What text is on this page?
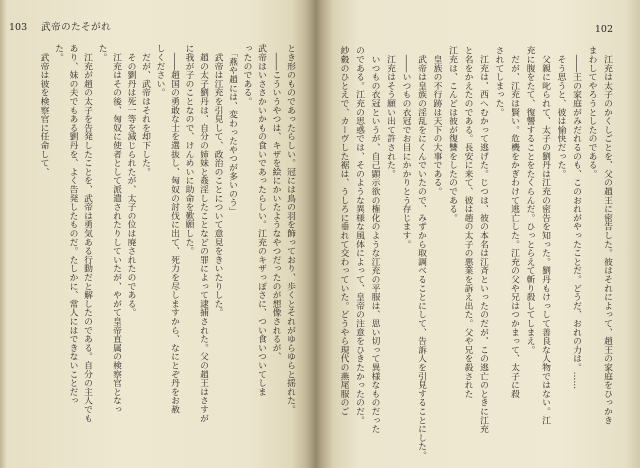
103 武帝のたそがれ
とき形のものであったらしい。冠には鳥の羽を飾っており、歩くとそれがゆらゆらと揺れた。
　――こういうやつは、キザを絵にかいたようなやつだったのが想像されるが、
武帝はいささかいかもの食いであったらしい。江充のキザっぽさに、つい食いついてしま
ったのである。
　「燕や趙には、変わったやつが多いのう」
　武帝は江充を引見して、政治のことについて意見をきいたりした。
　趙の太子劉丹は、自分の姉妹と姦淫したことなどの罪によって逮捕された。父の趙王はさすが
に我が子のことなので、けんめいに助命を歎願した。
　――趙国の勇敢な士を選抜し、匈奴の討伐に出て、死力を尽しますから、なにとぞ丹をお赦
しください。
　だが、武帝はそれを却下した。
　その劉丹は死一等を減じられたが、太子の位は廃されたのである。
　江充はその後、匈奴に使者として派遣されたりしていたが、やがて皇帝直属の検察官となっ
た。
　江充が趙の太子を告発したことを、武帝は勇気ある行動だと解したのである。自分の主人でも
あり、妹の夫でもある劉丹を、よく告発したものだ。たしかに、常人にはできないことだっ
た。
　武帝は彼を検察官に任命して、
102
　江充は太子のかくしごとを、父の趙王に密告した。彼はそれによって、趙王の家庭をひっかき
まわしてやろうとしたのである。
　――王の家庭がみだれるのも、このおれがやったことだ。どうだ、おれの力は。……
　そう思うと、彼は愉快だった。
　父親に叱られて、太子の劉丹は江充の密告を知った。劉丹もけっして善良な人物ではない。江
充に腹をたて、復讐することをたくらんだ。ひっとらえて斬り殺してしまえ。
　だが、江充は賢い。危機をかぎわけて逃亡した。江充の父や兄はつかまって、太子に殺
されてしまった。
　江充は、西へむかって逃げた。じつは、彼の本名は江斉といったのだが、この逃亡のときに江充
と名をかえたのである。長安に来て、彼は趙の太子の悪業を訴え出た。父や兄を殺された
江充は、こんどは彼が復讐をしたのである。
　皇族の不行跡は天下の大事である。
　武帝は皇族の淫乱をにくんでいたので、みずから取調べることにして、告訴人を引見することにした。
　――いつもの衣冠でお目にかかりとう存じます。
　江充はそう願い出て許された。
　いつもの衣冠というが、自己顕示欲の権化のような江充の平服は、思い切って異様なものだった
のである。江充の思惑では、そのような異様な風体によって、皇帝の注意をひきたかったのだ。
紗縠のひとえで、カーヴした裾は、うしろに垂れて交わっていた。どうやら現代の燕尾服のご
